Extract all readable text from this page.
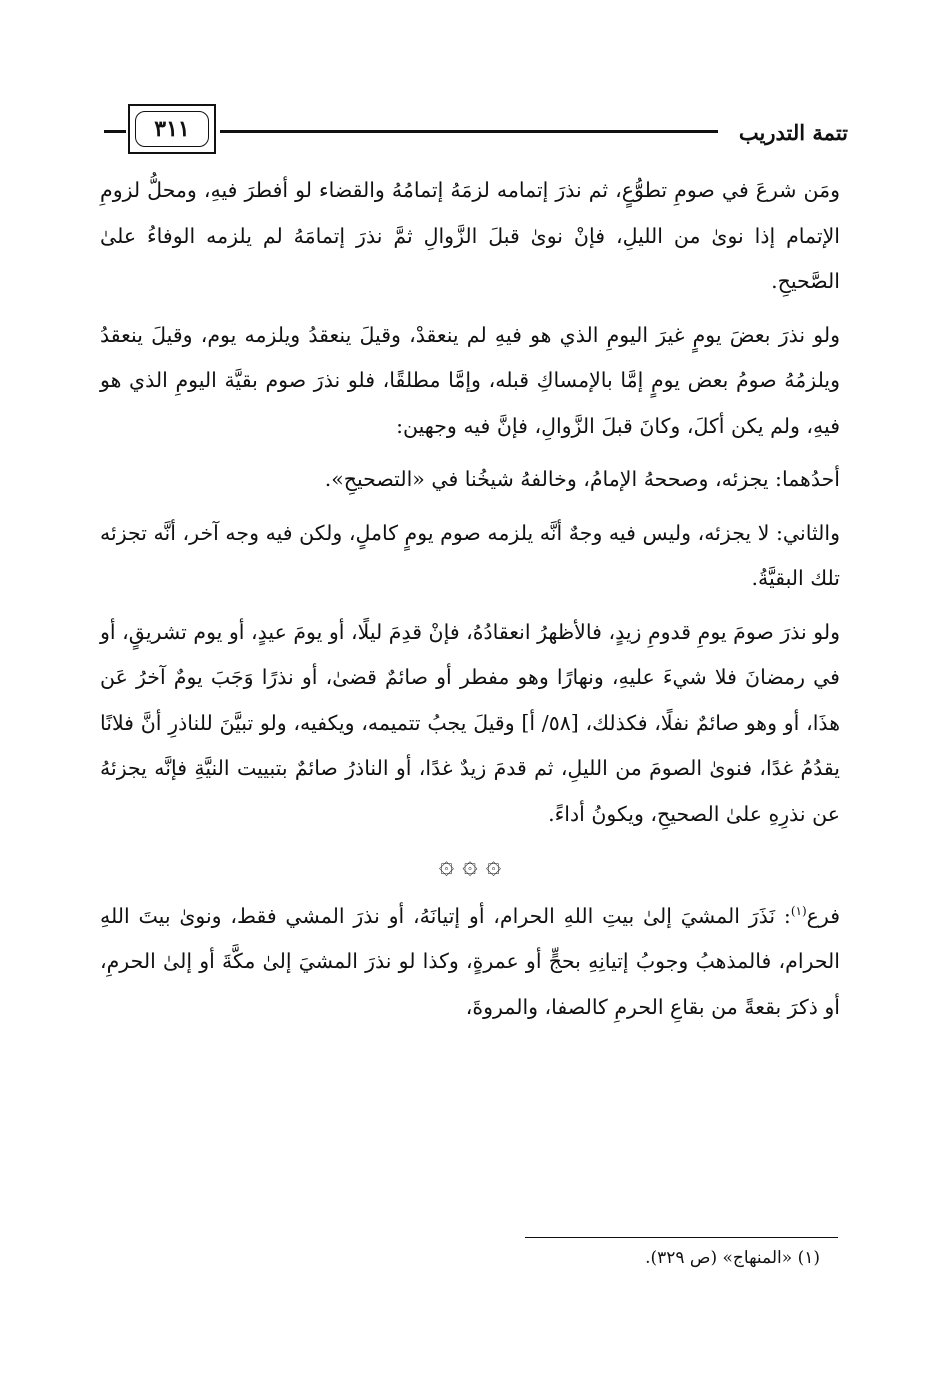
تتمة التدريب
٣١١

ومَن شرعَ في صومِ تطوُّعٍ، ثم نذرَ إتمامه لزمَهُ إتمامُهُ والقضاء لو أفطرَ فيهِ، ومحلُّ لزومِ الإتمام إذا نوىٰ من الليلِ، فإنْ نوىٰ قبلَ الزَّوالِ ثمَّ نذرَ إتمامَهُ لم يلزمه الوفاءُ علىٰ الصَّحيحِ.

ولو نذرَ بعضَ يومٍ غيرَ اليومِ الذي هو فيهِ لم ينعقدْ، وقيلَ ينعقدُ ويلزمه يوم، وقيلَ ينعقدُ ويلزمُهُ صومُ بعض يومٍ إمَّا بالإمساكِ قبله، وإمَّا مطلقًا، فلو نذرَ صوم بقيَّة اليومِ الذي هو فيهِ، ولم يكن أكلَ، وكانَ قبلَ الزَّوالِ، فإنَّ فيه وجهين:

أحدُهما: يجزئه، وصححهُ الإمامُ، وخالفهُ شيخُنا في «التصحيحِ».

والثاني: لا يجزئه، وليس فيه وجهٌ أنَّه يلزمه صوم يومٍ كاملٍ، ولكن فيه وجه آخر، أنَّه تجزئه تلك البقيَّةُ.

ولو نذرَ صومَ يومِ قدومِ زيدٍ، فالأظهرُ انعقادُهُ، فإنْ قدِمَ ليلًا، أو يومَ عيدٍ، أو يوم تشريقٍ، أو في رمضانَ فلا شيءَ عليهِ، ونهارًا وهو مفطر أو صائمٌ قضىٰ، أو نذرًا وَجَبَ يومٌ آخرُ عَن هذَا، أو وهو صائمٌ نفلًا، فكذلك، [٥٨/ أ] وقيلَ يجبُ تتميمه، ويكفيه، ولو تبيَّنَ للناذرِ أنَّ فلانًا يقدُمُ غدًا، فنوىٰ الصومَ من الليلِ، ثم قدمَ زيدٌ غدًا، أو الناذرُ صائمٌ بتبييت النيَّةِ فإنَّه يجزئهُ عن نذرِهِ علىٰ الصحيحِ، ويكونُ أداءً.

۞ ۞ ۞

فرع$^{(١)}$: نَذَرَ المشيَ إلىٰ بيتِ اللهِ الحرام، أو إتيانَهُ، أو نذرَ المشي فقط، ونوىٰ بيتَ اللهِ الحرام، فالمذهبُ وجوبُ إتيانِهِ بحجٍّ أو عمرةٍ، وكذا لو نذرَ المشيَ إلىٰ مكَّةَ أو إلىٰ الحرمِ، أو ذكرَ بقعةً من بقاعِ الحرمِ كالصفا، والمروةَ،

(١) «المنهاج» (ص ٣٢٩).
